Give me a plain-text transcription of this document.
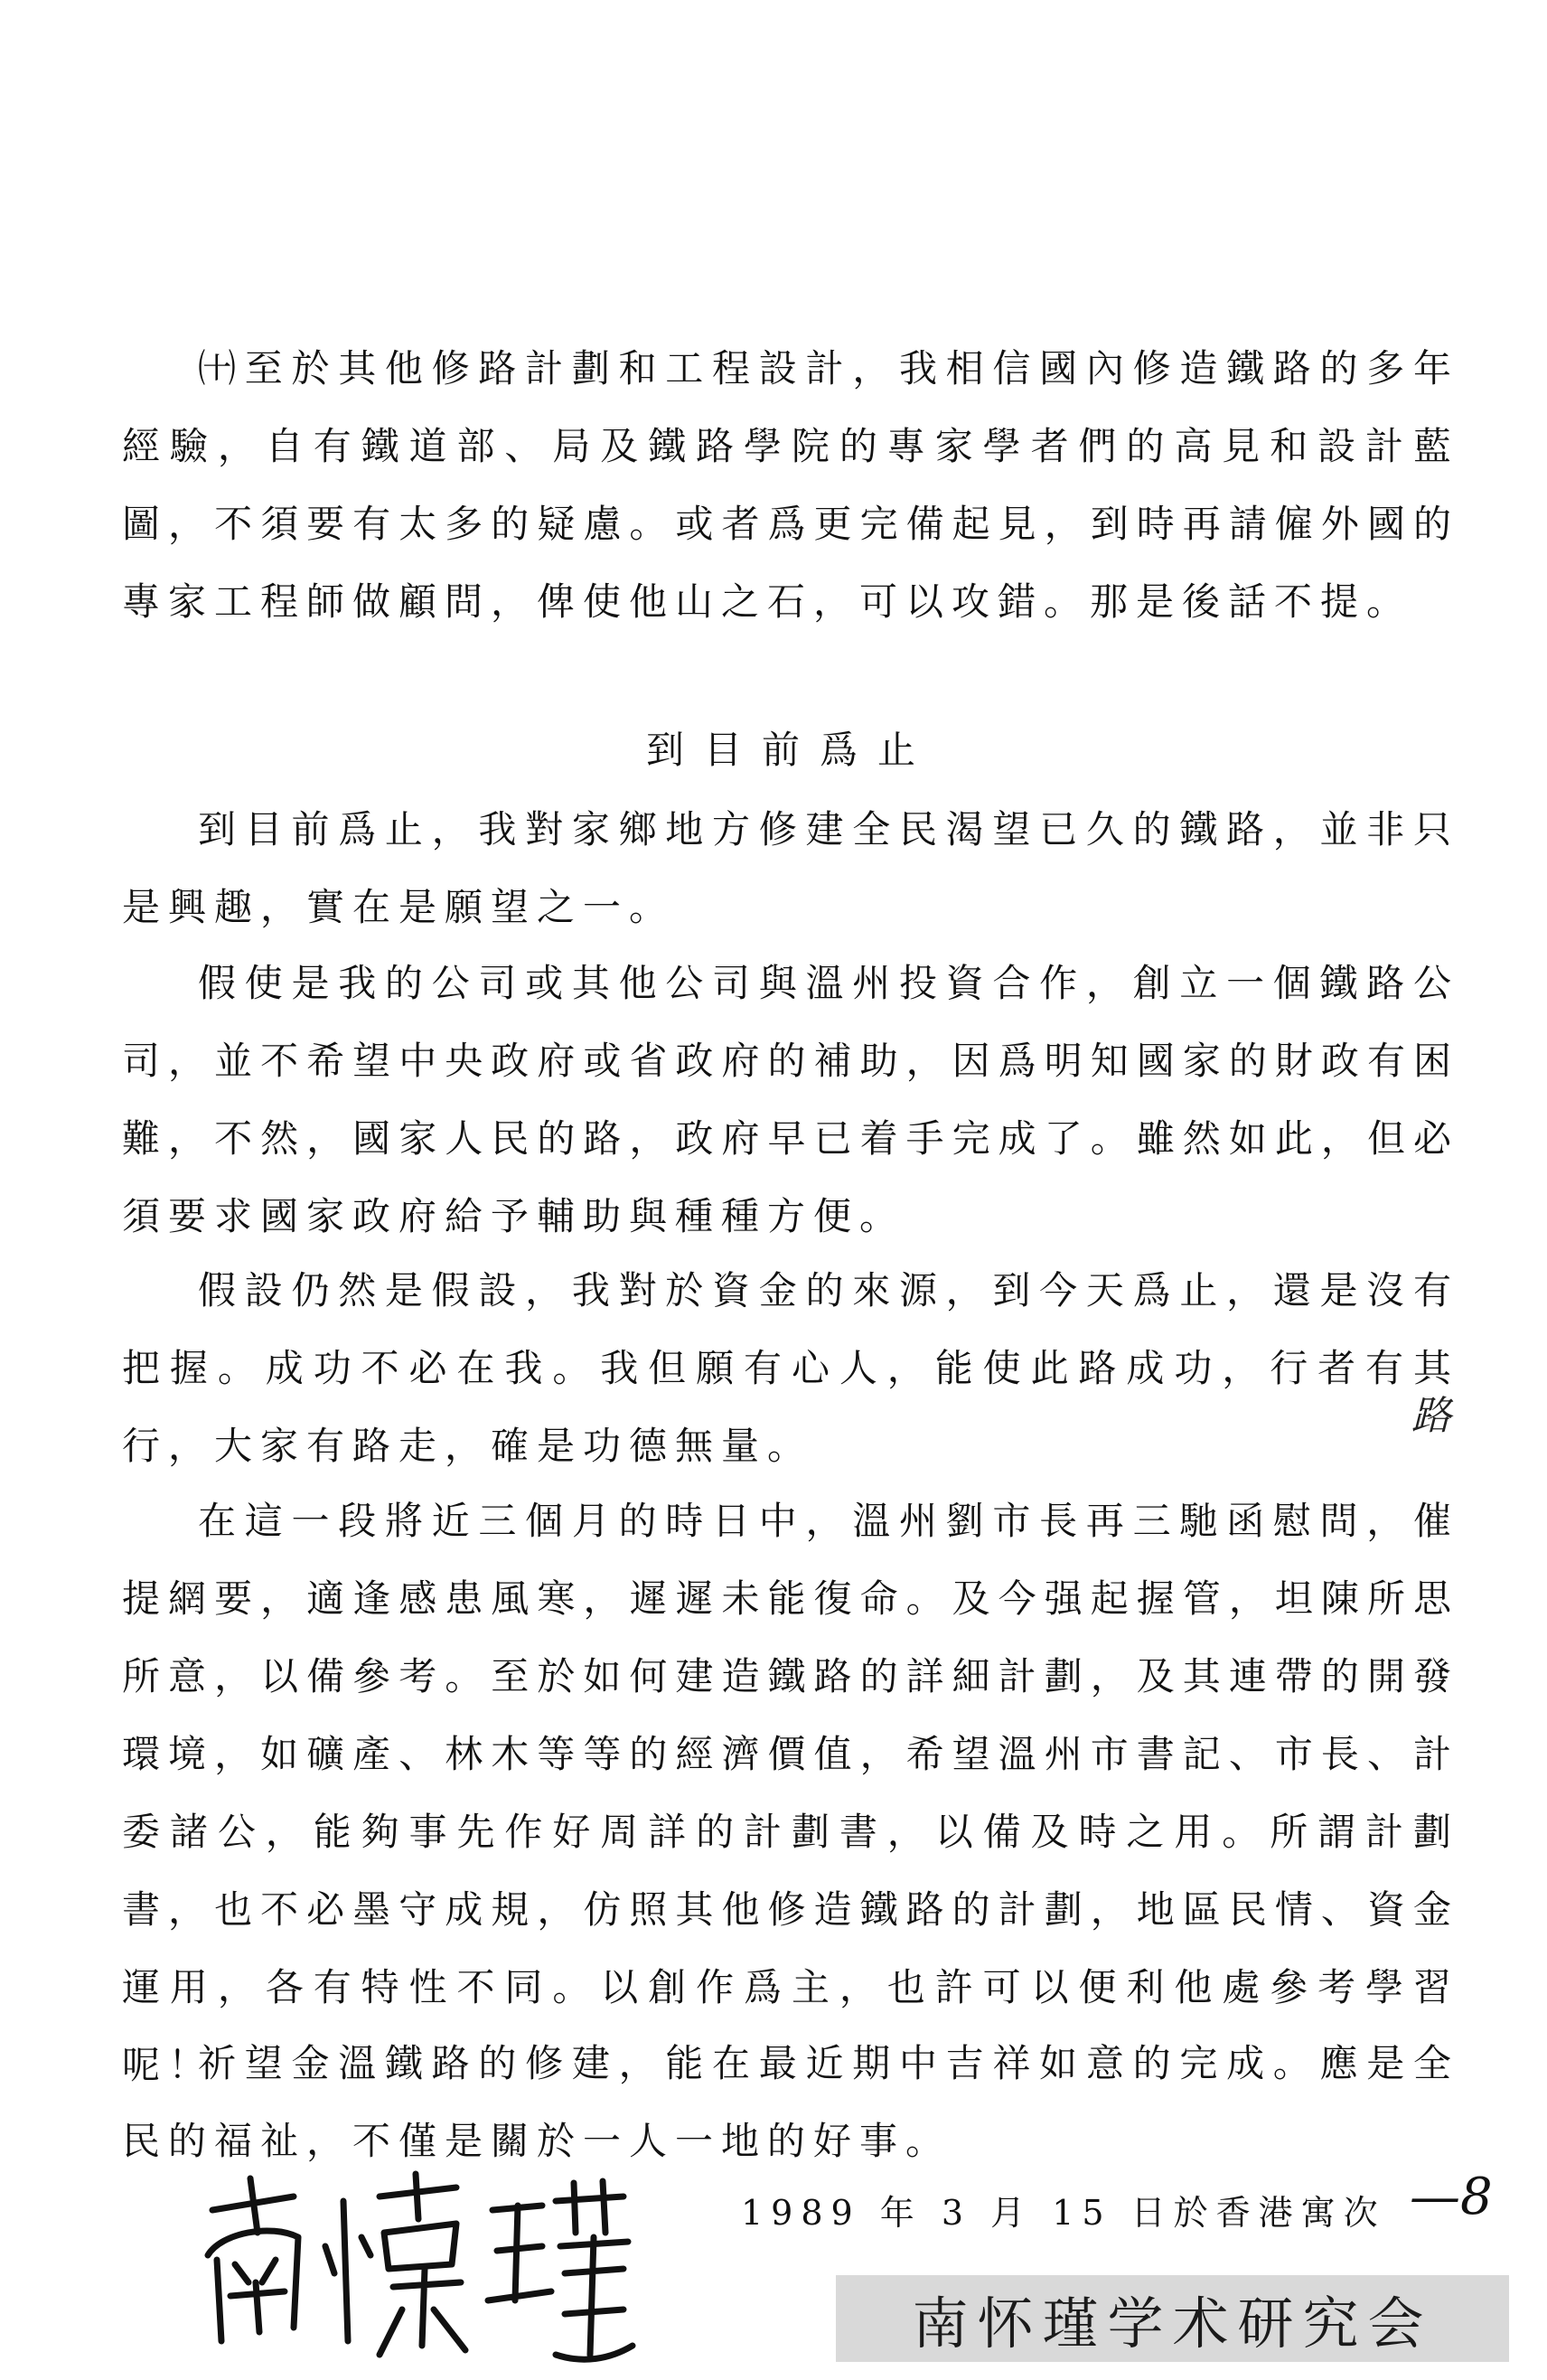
㈩至於其他修路計劃和工程設計，我相信國內修造鐵路的多年經驗，自有鐵道部、局及鐵路學院的專家學者們的高見和設計藍圖，不須要有太多的疑慮。或者爲更完備起見，到時再請僱外國的專家工程師做顧問，俾使他山之石，可以攻錯。那是後話不提。

到目前爲止

到目前爲止，我對家鄉地方修建全民渴望已久的鐵路，並非只是興趣，實在是願望之一。

假使是我的公司或其他公司與溫州投資合作，創立一個鐵路公司，並不希望中央政府或省政府的補助，因爲明知國家的財政有困難，不然，國家人民的路，政府早已着手完成了。雖然如此，但必須要求國家政府給予輔助與種種方便。

假設仍然是假設，我對於資金的來源，到今天爲止，還是沒有把握。成功不必在我。我但願有心人，能使此路成功，行者有其行，大家有路走，確是功德無量。

在這一段將近三個月的時日中，溫州劉市長再三馳函慰問，催提網要，適逢感患風寒，遲遲未能復命。及今强起握管，坦陳所思所意，以備參考。至於如何建造鐵路的詳細計劃，及其連帶的開發環境，如礦產、林木等等的經濟價值，希望溫州市書記、市長、計委諸公，能夠事先作好周詳的計劃書，以備及時之用。所謂計劃書，也不必墨守成規，仿照其他修造鐵路的計劃，地區民情、資金運用，各有特性不同。以創作爲主，也許可以便利他處參考學習呢！

祈望金溫鐵路的修建，能在最近期中吉祥如意的完成。應是全民的福祉，不僅是關於一人一地的好事。

路
1989 年 3 月 15 日於香港寓次 —8
南怀瑾学术研究会
